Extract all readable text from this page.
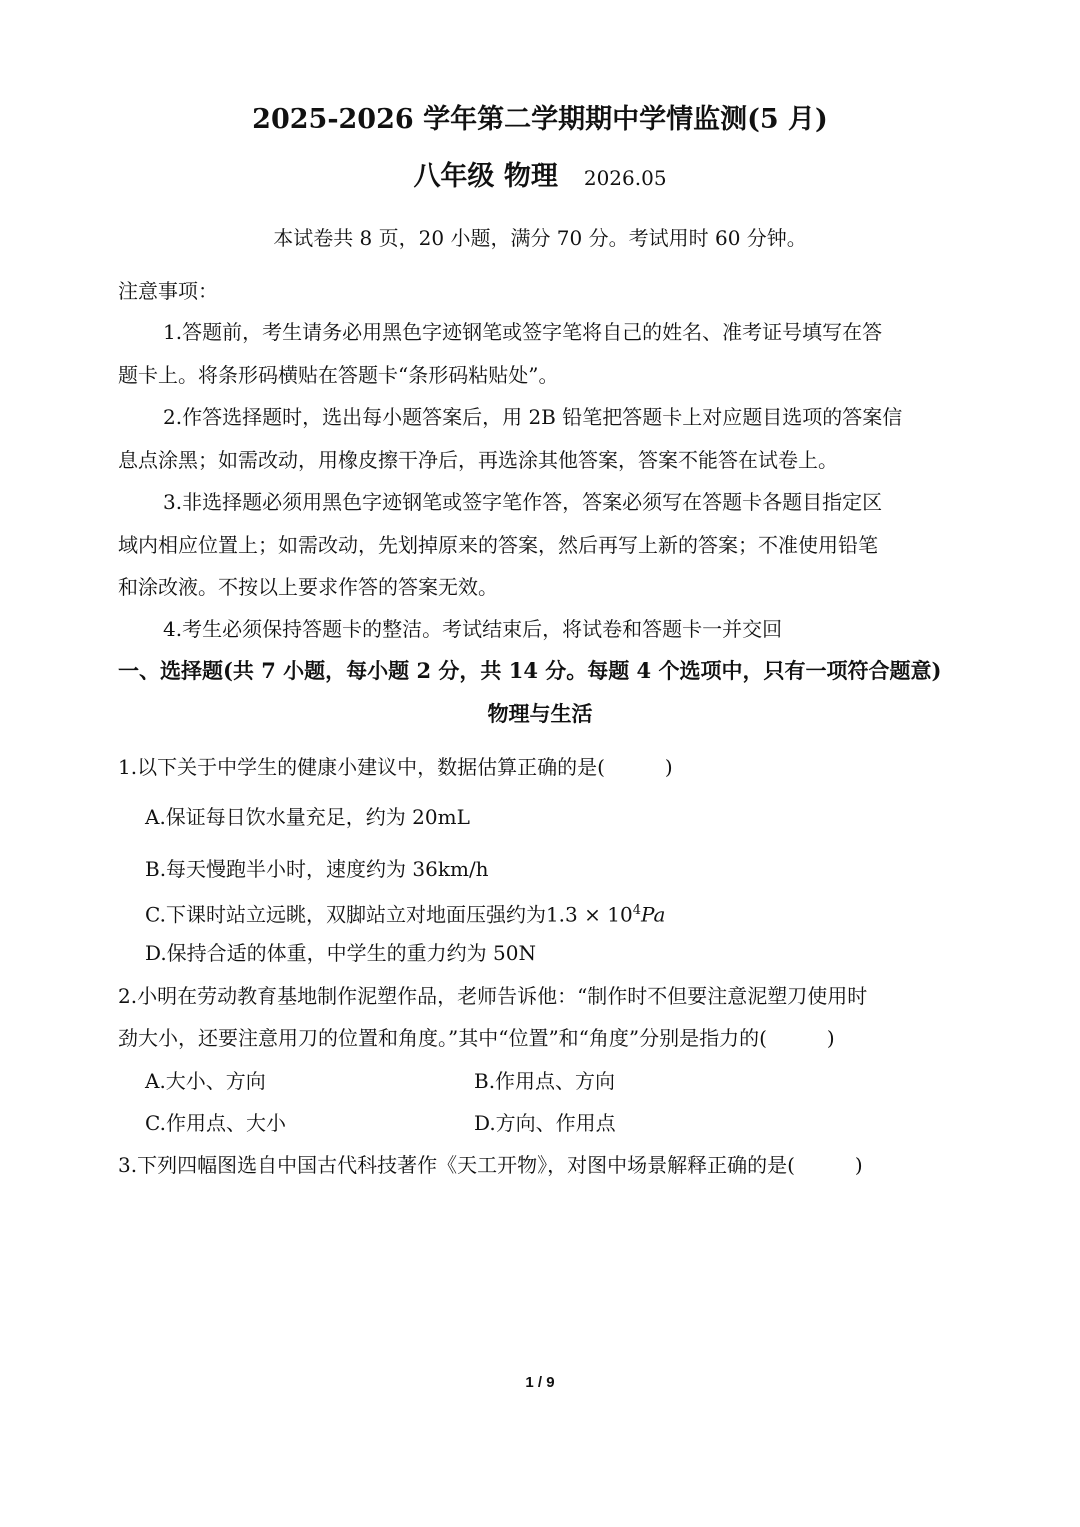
2025-2026 学年第二学期期中学情监测(5 月)
八年级 物理 2026.05
本试卷共 8 页，20 小题，满分 70 分。考试用时 60 分钟。
注意事项：
1.答题前，考生请务必用黑色字迹钢笔或签字笔将自己的姓名、准考证号填写在答
题卡上。将条形码横贴在答题卡“条形码粘贴处”。
2.作答选择题时，选出每小题答案后，用 2B 铅笔把答题卡上对应题目选项的答案信
息点涂黑；如需改动，用橡皮擦干净后，再选涂其他答案，答案不能答在试卷上。
3.非选择题必须用黑色字迹钢笔或签字笔作答，答案必须写在答题卡各题目指定区
域内相应位置上；如需改动，先划掉原来的答案，然后再写上新的答案；不准使用铅笔
和涂改液。不按以上要求作答的答案无效。
4.考生必须保持答题卡的整洁。考试结束后，将试卷和答题卡一并交回
一、选择题(共 7 小题，每小题 2 分，共 14 分。每题 4 个选项中，只有一项符合题意)
物理与生活
1.以下关于中学生的健康小建议中，数据估算正确的是(　　　)
A.保证每日饮水量充足，约为 20mL
B.每天慢跑半小时，速度约为 36km/h
C.下课时站立远眺，双脚站立对地面压强约为$1.3 \times 10^4Pa$
D.保持合适的体重，中学生的重力约为 50N
2.小明在劳动教育基地制作泥塑作品，老师告诉他：“制作时不但要注意泥塑刀使用时
劲大小，还要注意用刀的位置和角度。”其中“位置”和“角度”分别是指力的(　　　)
A.大小、方向	B.作用点、方向
C.作用点、大小	D.方向、作用点
3.下列四幅图选自中国古代科技著作《天工开物》，对图中场景解释正确的是(　　　)
1 / 9
